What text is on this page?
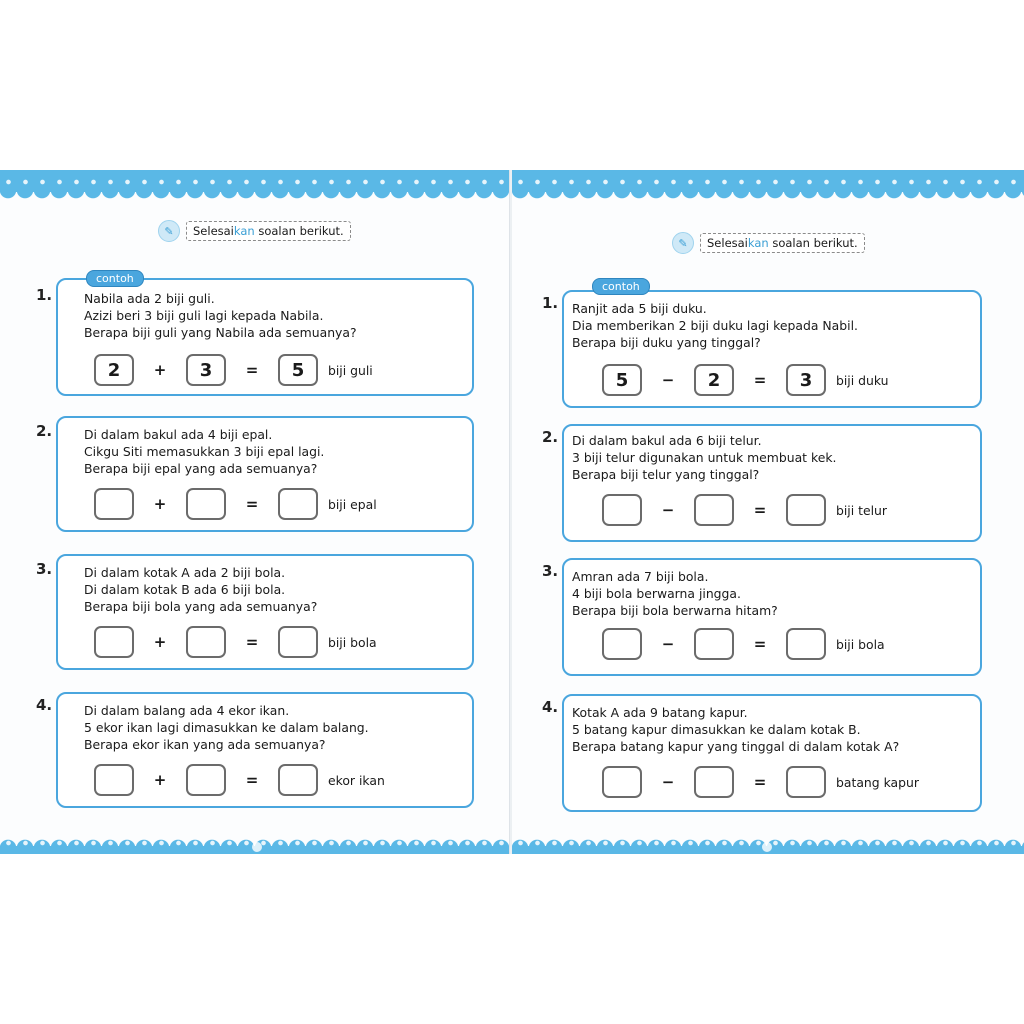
✎	Selesaikan soalan berikut.
1.
contoh
Nabila ada 2 biji guli.
Azizi beri 3 biji guli lagi kepada Nabila.
Berapa biji guli yang Nabila ada semuanya?
2	+	3	=	5	biji guli
2.	Di dalam bakul ada 4 biji epal.
Cikgu Siti memasukkan 3 biji epal lagi.
Berapa biji epal yang ada semuanya?
+	=	biji epal
3.	Di dalam kotak A ada 2 biji bola.
Di dalam kotak B ada 6 biji bola.
Berapa biji bola yang ada semuanya?
+	=	biji bola
4.	Di dalam balang ada 4 ekor ikan.
5 ekor ikan lagi dimasukkan ke dalam balang.
Berapa ekor ikan yang ada semuanya?
+	=	ekor ikan
✎	Selesaikan soalan berikut.
1.
contoh
Ranjit ada 5 biji duku.
Dia memberikan 2 biji duku lagi kepada Nabil.
Berapa biji duku yang tinggal?
5	−	2	=	3	biji duku
2. Di dalam bakul ada 6 biji telur.
3 biji telur digunakan untuk membuat kek.
Berapa biji telur yang tinggal?
−	=	biji telur
3. Amran ada 7 biji bola.
4 biji bola berwarna jingga.
Berapa biji bola berwarna hitam?
−	=	biji bola
4. Kotak A ada 9 batang kapur.
5 batang kapur dimasukkan ke dalam kotak B.
Berapa batang kapur yang tinggal di dalam kotak A?
−	=	batang kapur
